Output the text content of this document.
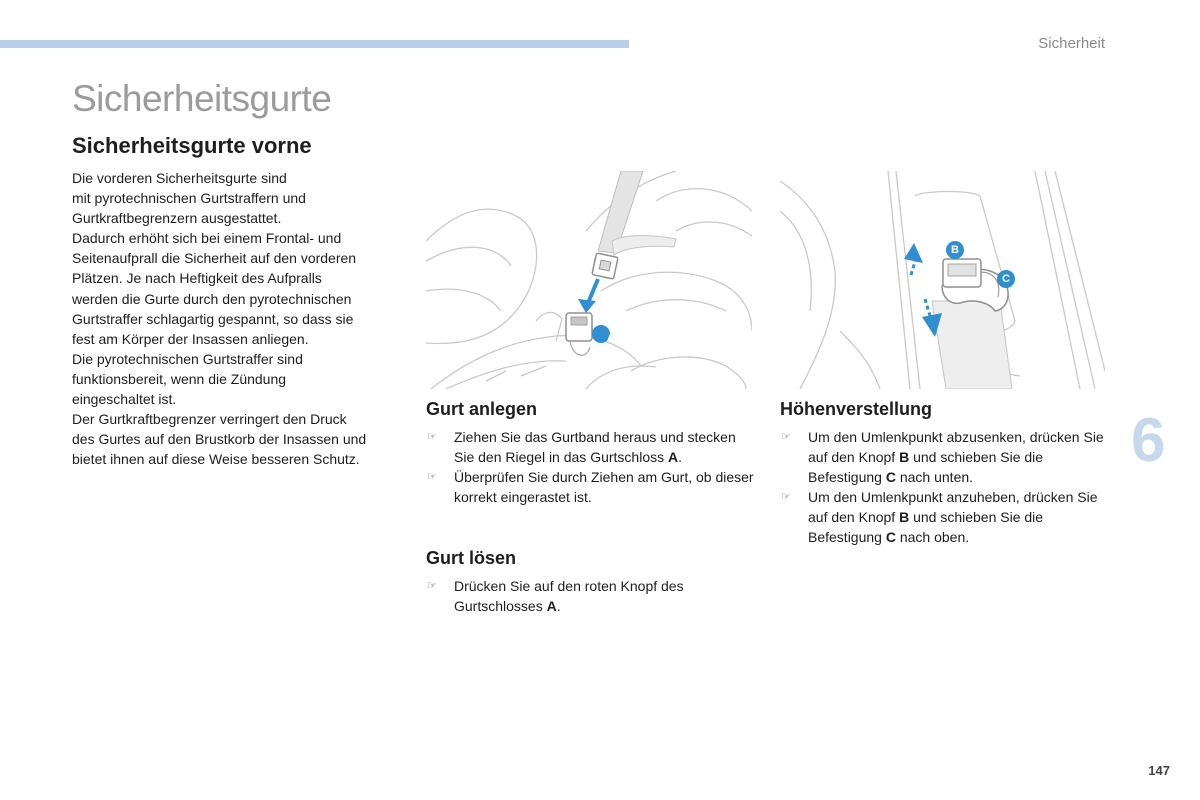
Sicherheit
Sicherheitsgurte
Sicherheitsgurte vorne

Die vorderen Sicherheitsgurte sind

mit pyrotechnischen Gurtstraffern und

Gurtkraftbegrenzern ausgestattet.

Dadurch erhöht sich bei einem Frontal- und

Seitenaufprall die Sicherheit auf den vorderen

Plätzen. Je nach Heftigkeit des Aufpralls

werden die Gurte durch den pyrotechnischen

Gurtstraffer schlagartig gespannt, so dass sie

fest am Körper der Insassen anliegen.

Die pyrotechnischen Gurtstraffer sind

funktionsbereit, wenn die Zündung

eingeschaltet ist.

Der Gurtkraftbegrenzer verringert den Druck

des Gurtes auf den Brustkorb der Insassen und

bietet ihnen auf diese Weise besseren Schutz.

A
B
C
Gurt anlegen
☞ Ziehen Sie das Gurtband heraus und stecken Sie den Riegel in das Gurtschloss A.
☞ Überprüfen Sie durch Ziehen am Gurt, ob dieser korrekt eingerastet ist.
Gurt lösen
☞ Drücken Sie auf den roten Knopf des Gurtschlosses A.
Höhenverstellung
☞ Um den Umlenkpunkt abzusenken, drücken Sie auf den Knopf B und schieben Sie die Befestigung C nach unten.
☞ Um den Umlenkpunkt anzuheben, drücken Sie auf den Knopf B und schieben Sie die Befestigung C nach oben.
6
147
